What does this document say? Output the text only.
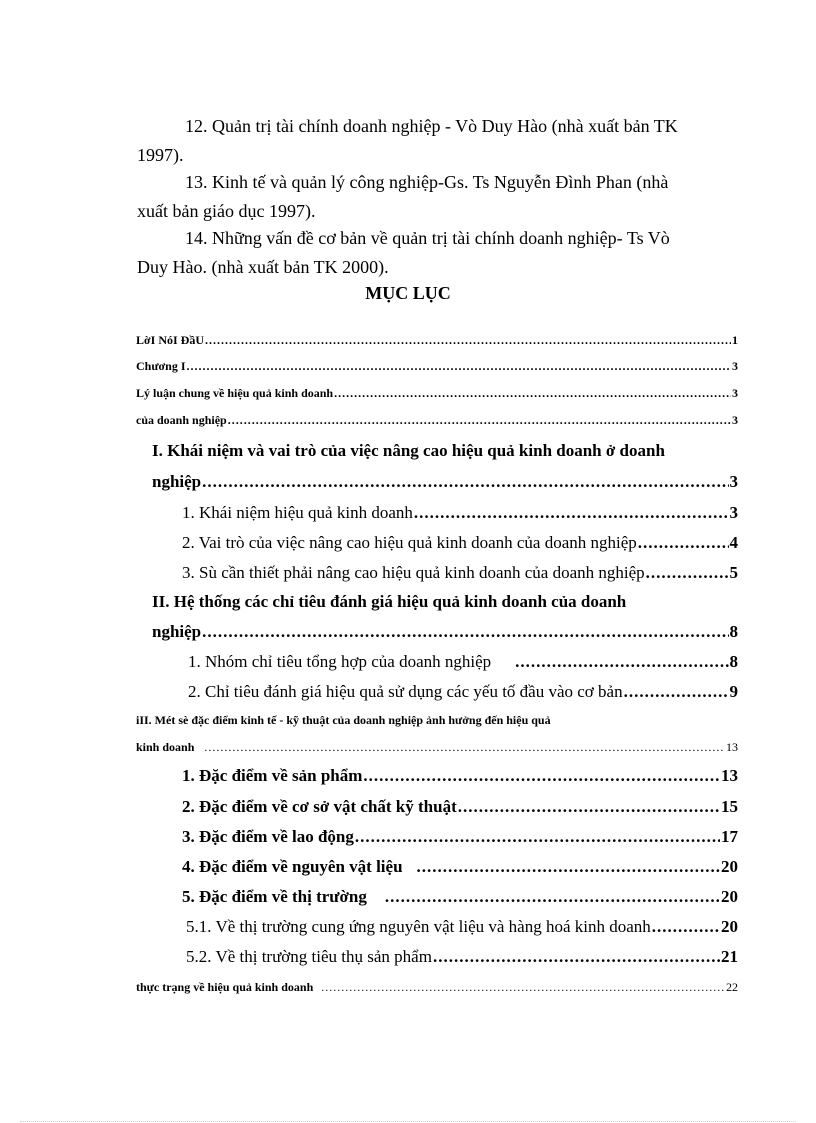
12. Quản trị tài chính doanh nghiệp - Vò Duy Hào (nhà xuất bản TK
1997).
13. Kinh tế và quản lý công nghiệp-Gs. Ts Nguyễn Đình Phan (nhà
xuất bản giáo dục 1997).
14. Những vấn đề cơ bản về quản trị tài chính doanh nghiệp- Ts Vò
Duy Hào. (nhà xuất bản TK 2000).
MỤC LỤC
LờI NóI ĐầU .....	1
Chương I .....	3
Lý luận chung về hiệu quả kinh doanh .....	3
của doanh nghiệp .....	3
I. Khái niệm và vai trò của việc nâng cao hiệu quả kinh doanh ở doanh
nghiệp .....	3
1. Khái niệm hiệu quả kinh doanh .....	3
2. Vai trò của việc nâng cao hiệu quả kinh doanh của doanh nghiệp .....	4
3. Sù cần thiết phải nâng cao hiệu quả kinh doanh của doanh nghiệp .....	5
II. Hệ thống các chỉ tiêu đánh giá hiệu quả kinh doanh của doanh
nghiệp .....	8
1. Nhóm chỉ tiêu tổng hợp của doanh nghiệp .....	8
2. Chỉ tiêu đánh giá hiệu quả sử dụng các yếu tố đầu vào cơ bản .....	9
iII. Mét sè đặc điểm kinh tế - kỹ thuật của doanh nghiệp ảnh hưởng đến hiệu quả
kinh doanh .....	13
1. Đặc điểm về sản phẩm .....	13
2. Đặc điểm về cơ sở vật chất kỹ thuật .....	15
3. Đặc điểm về lao động .....	17
4. Đặc điểm về nguyên vật liệu .....	20
5. Đặc điểm về thị trường .....	20
5.1. Về thị trường cung ứng nguyên vật liệu và hàng hoá kinh doanh .....	20
5.2. Về thị trường tiêu thụ sản phẩm .....	21
thực trạng về hiệu quả kinh doanh .....	22
